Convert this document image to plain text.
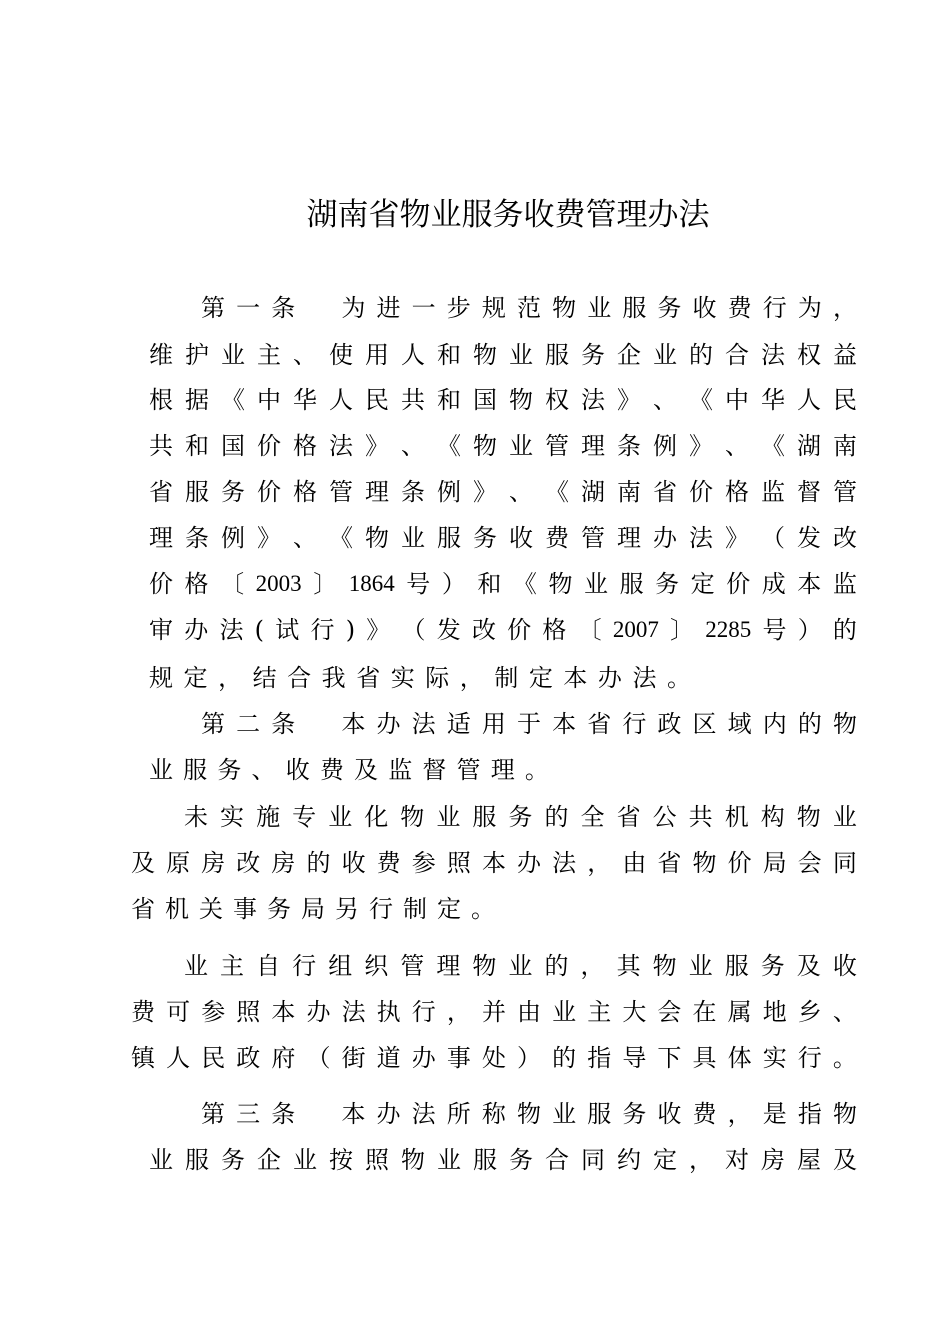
湖南省物业服务收费管理办法
第 一 条
　 为 进 一 步 规 范 物 业 服 务 收 费 行 为 ，
维 护 业 主 、 使 用 人 和 物 业 服 务 企 业 的 合 法 权 益
根 据 《 中 华 人 民 共 和 国 物 权 法 》 、 《 中 华 人 民
共 和 国 价 格 法 》 、 《 物 业 管 理 条 例 》 、 《 湖 南
省 服 务 价 格 管 理 条 例 》 、 《 湖 南 省 价 格 监 督 管
理 条 例 》 、 《 物 业 服 务 收 费 管 理 办 法 》 （ 发 改
价 格 〔 2003 〕 1864 号 ） 和 《 物 业 服 务 定 价 成 本 监
审 办 法 ( 试 行 ) 》 （ 发 改 价 格 〔 2007 〕 2285 号 ） 的
规 定 ， 结 合 我 省 实 际 ， 制 定 本 办 法 。
第 二 条
　 本 办 法 适 用 于 本 省 行 政 区 域 内 的 物
业 服 务 、 收 费 及 监 督 管 理 。
未 实 施 专 业 化 物 业 服 务 的 全 省 公 共 机 构 物 业
及 原 房 改 房 的 收 费 参 照 本 办 法 ， 由 省 物 价 局 会 同
省 机 关 事 务 局 另 行 制 定 。
业 主 自 行 组 织 管 理 物 业 的 ， 其 物 业 服 务 及 收
费 可 参 照 本 办 法 执 行 ， 并 由 业 主 大 会 在 属 地 乡 、
镇 人 民 政 府 （ 街 道 办 事 处 ） 的 指 导 下 具 体 实 行 。
第 三 条
　 本 办 法 所 称 物 业 服 务 收 费 ， 是 指 物
业 服 务 企 业 按 照 物 业 服 务 合 同 约 定 ， 对 房 屋 及
